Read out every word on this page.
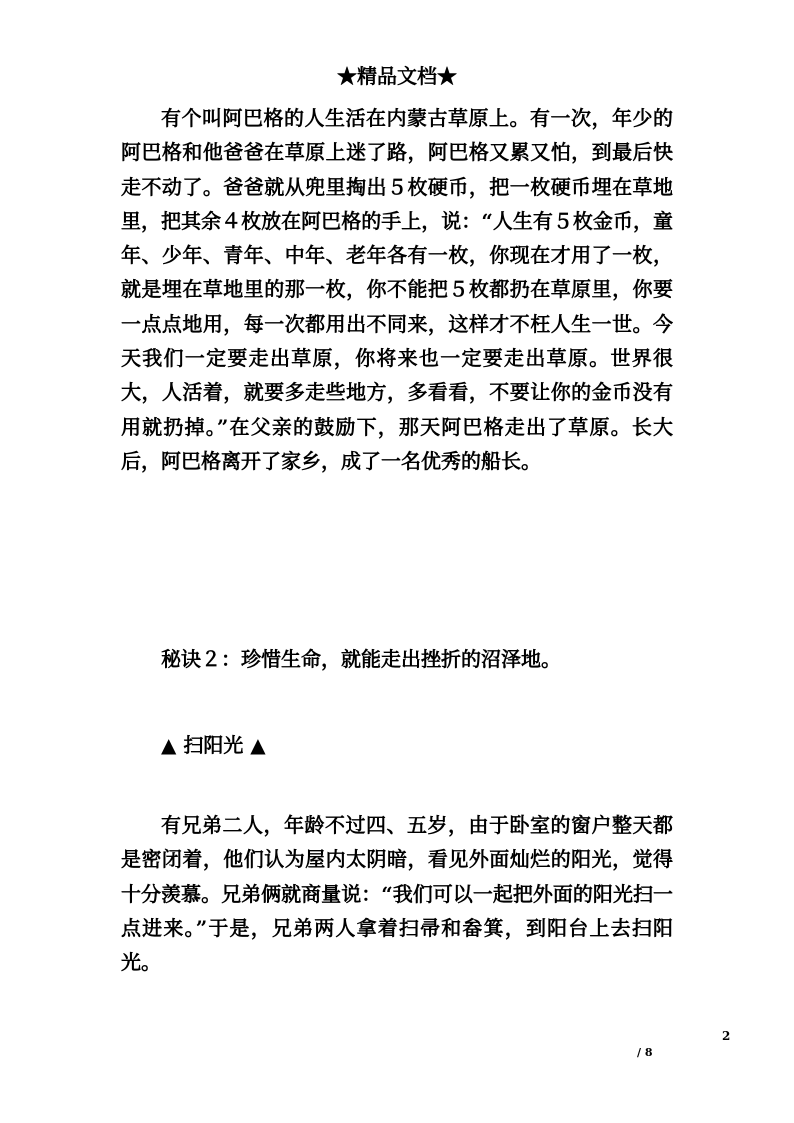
★精品文档★

有个叫阿巴格的人生活在内蒙古草原上。有一次，年少的阿巴格和他爸爸在草原上迷了路，阿巴格又累又怕，到最后快走不动了。爸爸就从兜里掏出５枚硬币，把一枚硬币埋在草地里，把其余４枚放在阿巴格的手上，说：“人生有５枚金币，童年、少年、青年、中年、老年各有一枚，你现在才用了一枚，就是埋在草地里的那一枚，你不能把５枚都扔在草原里，你要一点点地用，每一次都用出不同来，这样才不枉人生一世。今天我们一定要走出草原，你将来也一定要走出草原。世界很大，人活着，就要多走些地方，多看看，不要让你的金币没有用就扔掉。”在父亲的鼓励下，那天阿巴格走出了草原。长大后，阿巴格离开了家乡，成了一名优秀的船长。

秘诀２：珍惜生命，就能走出挫折的沼泽地。

▲ 扫阳光 ▲

有兄弟二人，年龄不过四、五岁，由于卧室的窗户整天都是密闭着，他们认为屋内太阴暗，看见外面灿烂的阳光，觉得十分羡慕。兄弟俩就商量说：“我们可以一起把外面的阳光扫一点进来。”于是，兄弟两人拿着扫帚和畚箕，到阳台上去扫阳光。

2
/ 8
